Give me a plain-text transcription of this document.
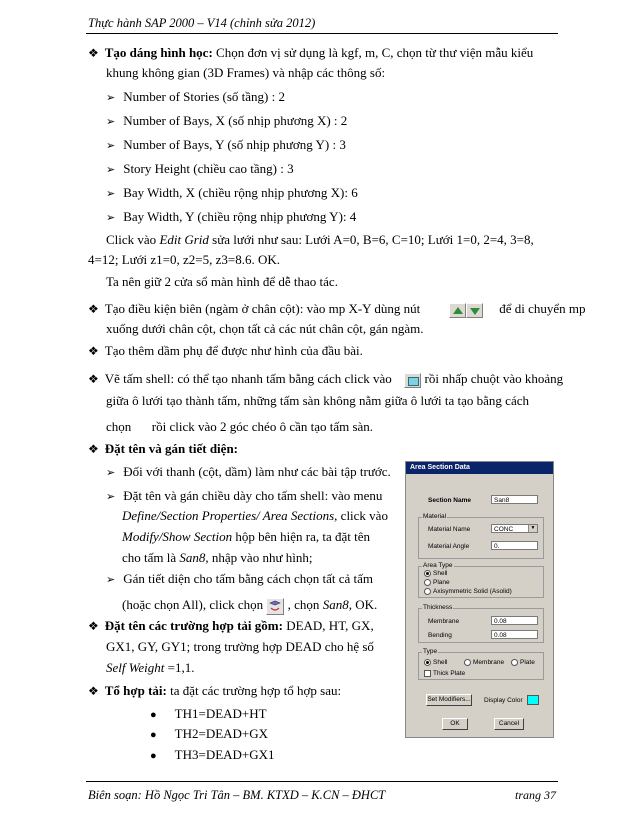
Thực hành SAP 2000 – V14 (chỉnh sửa 2012)
❖ Tạo dáng hình học: Chọn đơn vị sử dụng là kgf, m, C, chọn từ thư viện mẫu kiểu
khung không gian (3D Frames) và nhập các thông số:
➢ Number of Stories (số tầng) : 2
➢ Number of Bays, X (số nhịp phương X) : 2
➢ Number of Bays, Y (số nhịp phương Y) : 3
➢ Story Height (chiều cao tầng) : 3
➢ Bay Width, X (chiều rộng nhịp phương X): 6
➢ Bay Width, Y (chiều rộng nhịp phương Y): 4
Click vào Edit Grid sửa lưới như sau: Lưới A=0, B=6, C=10; Lưới 1=0, 2=4, 3=8,
4=12; Lưới z1=0, z2=5, z3=8.6. OK.
Ta nên giữ 2 cửa sổ màn hình để dễ thao tác.
❖ Tạo điều kiện biên (ngàm ở chân cột): vào mp X-Y dùng nút	để di chuyển mp
xuống dưới chân cột, chọn tất cả các nút chân cột, gán ngàm.
❖ Tạo thêm dầm phụ để được như hình của đầu bài.
❖ Vẽ tấm shell: có thể tạo nhanh tấm bằng cách click vào	rồi nhấp chuột vào khoảng
giữa ô lưới tạo thành tấm, những tấm sàn không nằm giữa ô lưới ta tạo bằng cách
chọn rồi click vào 2 góc chéo ô cần tạo tấm sàn.
❖ Đặt tên và gán tiết diện:
➢ Đối với thanh (cột, dầm) làm như các bài tập trước.
➢ Đặt tên và gán chiều dày cho tấm shell: vào menu
Define/Section Properties/ Area Sections, click vào
Modify/Show Section hộp bên hiện ra, ta đặt tên
cho tấm là San8, nhập vào như hình;
➢ Gán tiết diện cho tấm bằng cách chọn tất cả tấm
(hoặc chọn All), click chọn , chọn San8, OK.
❖ Đặt tên các trường hợp tải gồm: DEAD, HT, GX,
GX1, GY, GY1; trong trường hợp DEAD cho hệ số
Self Weight =1,1.
❖ Tổ hợp tải: ta đặt các trường hợp tổ hợp sau:
● TH1=DEAD+HT
● TH2=DEAD+GX
● TH3=DEAD+GX1
Area Section Data
Section Name	San8
Material
Material Name	CONC	▼
Material Angle	0.
Area Type
Shell
Plane
Axisymmetric Solid (Asolid)
Thickness
Membrane	0.08
Bending	0.08
Type
Shell	Membrane	Plate
Thick Plate
Set Modifiers... Display Color
OK	Cancel
Biên soạn: Hồ Ngọc Tri Tân – BM. KTXD – K.CN – ĐHCT	trang 37
